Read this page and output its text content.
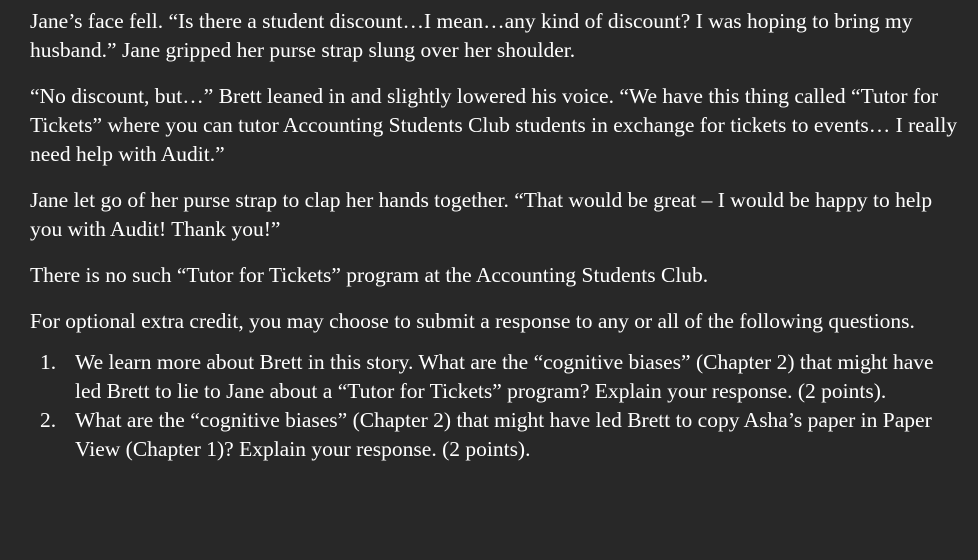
Jane’s face fell. “Is there a student discount…I mean…any kind of discount? I was hoping to bring my husband.” Jane gripped her purse strap slung over her shoulder.

“No discount, but…” Brett leaned in and slightly lowered his voice. “We have this thing called “Tutor for Tickets” where you can tutor Accounting Students Club students in exchange for tickets to events… I really need help with Audit.”

Jane let go of her purse strap to clap her hands together. “That would be great – I would be happy to help you with Audit! Thank you!”

There is no such “Tutor for Tickets” program at the Accounting Students Club.

For optional extra credit, you may choose to submit a response to any or all of the following questions.

1. We learn more about Brett in this story. What are the “cognitive biases” (Chapter 2) that might have led Brett to lie to Jane about a “Tutor for Tickets” program? Explain your response. (2 points).
2. What are the “cognitive biases” (Chapter 2) that might have led Brett to copy Asha’s paper in Paper View (Chapter 1)? Explain your response. (2 points).
